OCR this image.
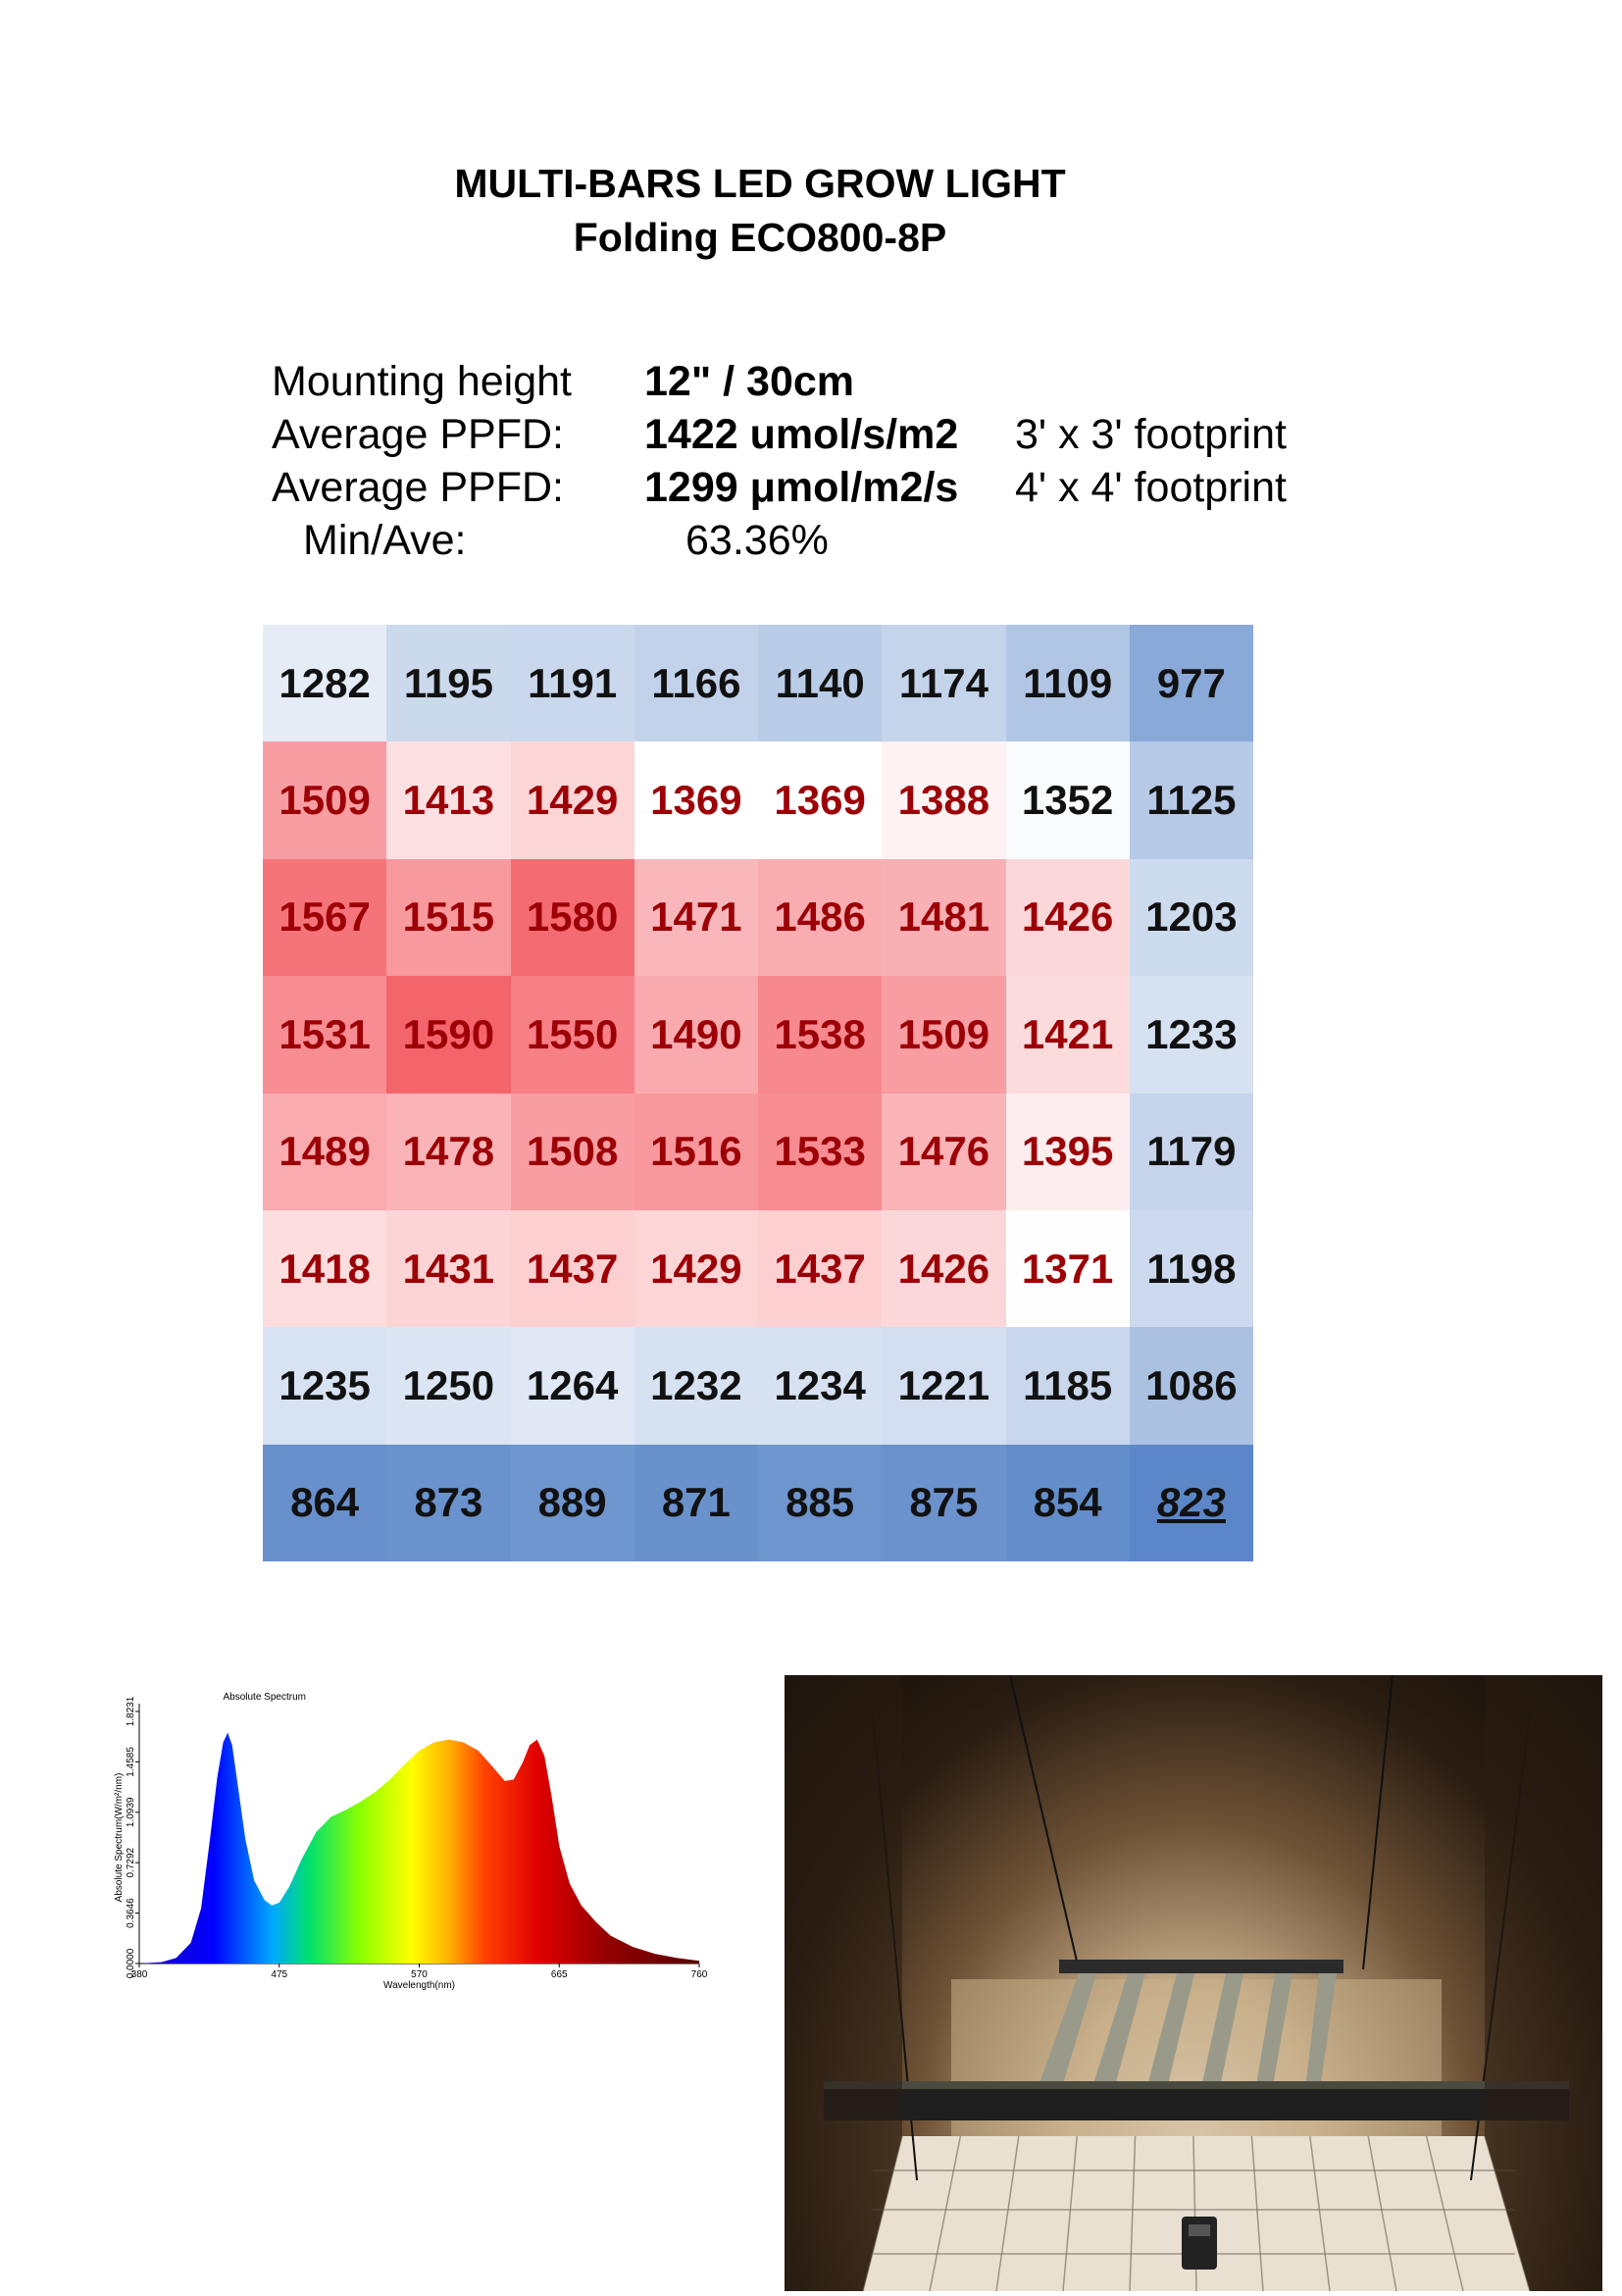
MULTI-BARS LED GROW LIGHT
Folding ECO800-8P
Mounting height 12" / 30cm
Average PPFD: 1422 umol/s/m2 3' x 3' footprint
Average PPFD: 1299 μmol/m2/s 4' x 4' footprint
Min/Ave:	63.36%
1282 1195 1191 1166 1140 1174 1109	977
1509 1413 1429 1369 1369 1388 1352 1125
1567 1515 1580 1471 1486 1481 1426 1203
1531 1590 1550 1490 1538 1509 1421 1233
1489 1478 1508 1516 1533 1476 1395 1179
1418 1431 1437 1429 1437 1426 1371 1198
1235 1250 1264 1232 1234 1221 1185 1086
864	873	889	871	885	875	854	823
380	475	570	665	760
0.0000
0.3646
0.7292
1.0939
1.4585
1.8231	Absolute Spectrum
Wavelength(nm)
Absolute Spectrum(W/m²/nm)
